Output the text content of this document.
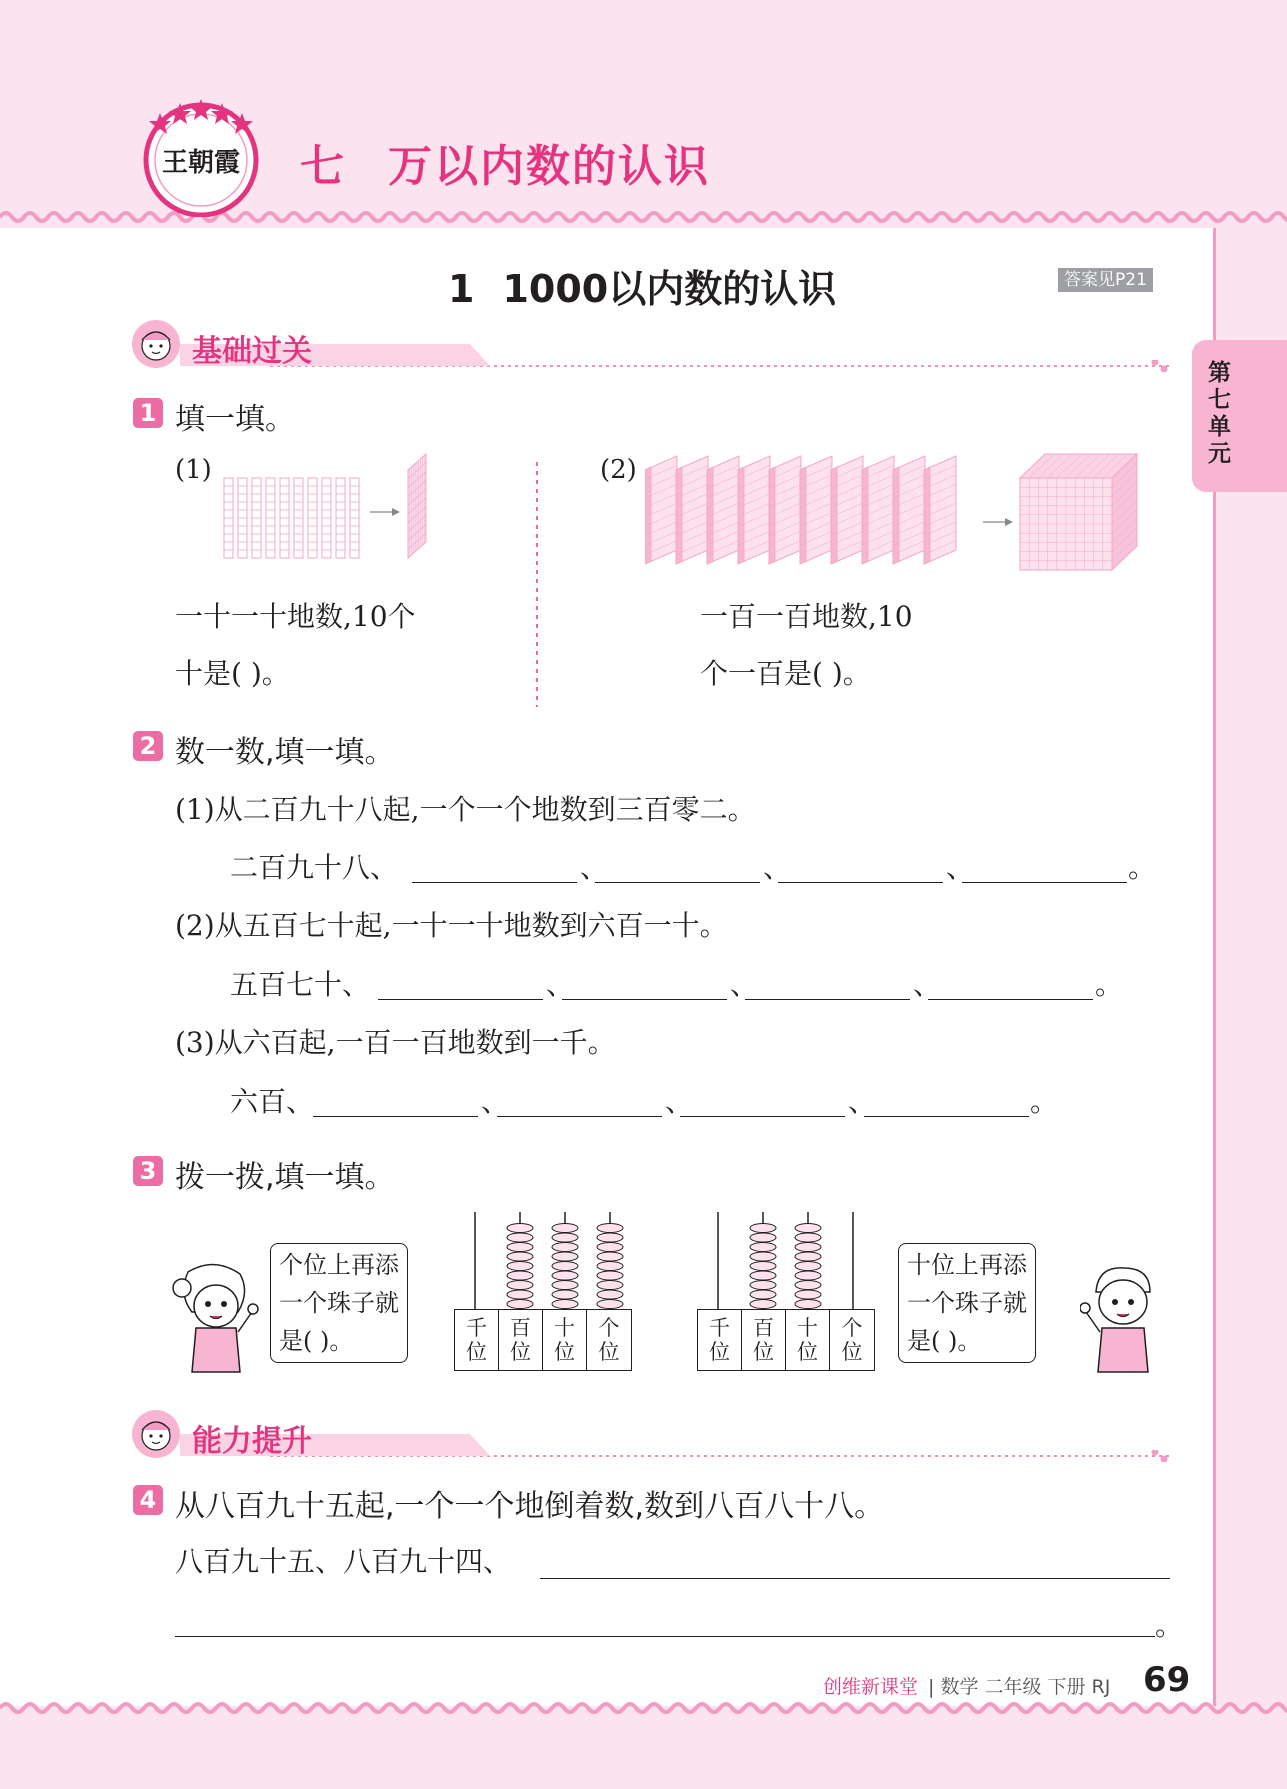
王朝霞 七 万以内数的认识
1 1000以内数的认识	答案见P21
第七单元
基础过关
1 填一填。
(1)
一十一十地数,10个
十是( )。
(2)
一百一百地数,10
个一百是( )。
2 数一数,填一填。
(1)从二百九十八起,一个一个地数到三百零二。
二百九十八、	、	、	、	。
(2)从五百七十起,一十一十地数到六百一十。
五百七十、	、	、	、	。
(3)从六百起,一百一百地数到一千。
六百、	、	、	、	。
3 拨一拨,填一填。
个位上再添
一个珠子就
是( )。	千
位
百
位
十
位
个
位
千
位
百
位
十
位
个
位
十位上再添
一个珠子就
是( )。
能力提升
4 从八百九十五起,一个一个地倒着数,数到八百八十八。
八百九十五、八百九十四、
。
创维新课堂 | 数学 二年级 下册 RJ 69
